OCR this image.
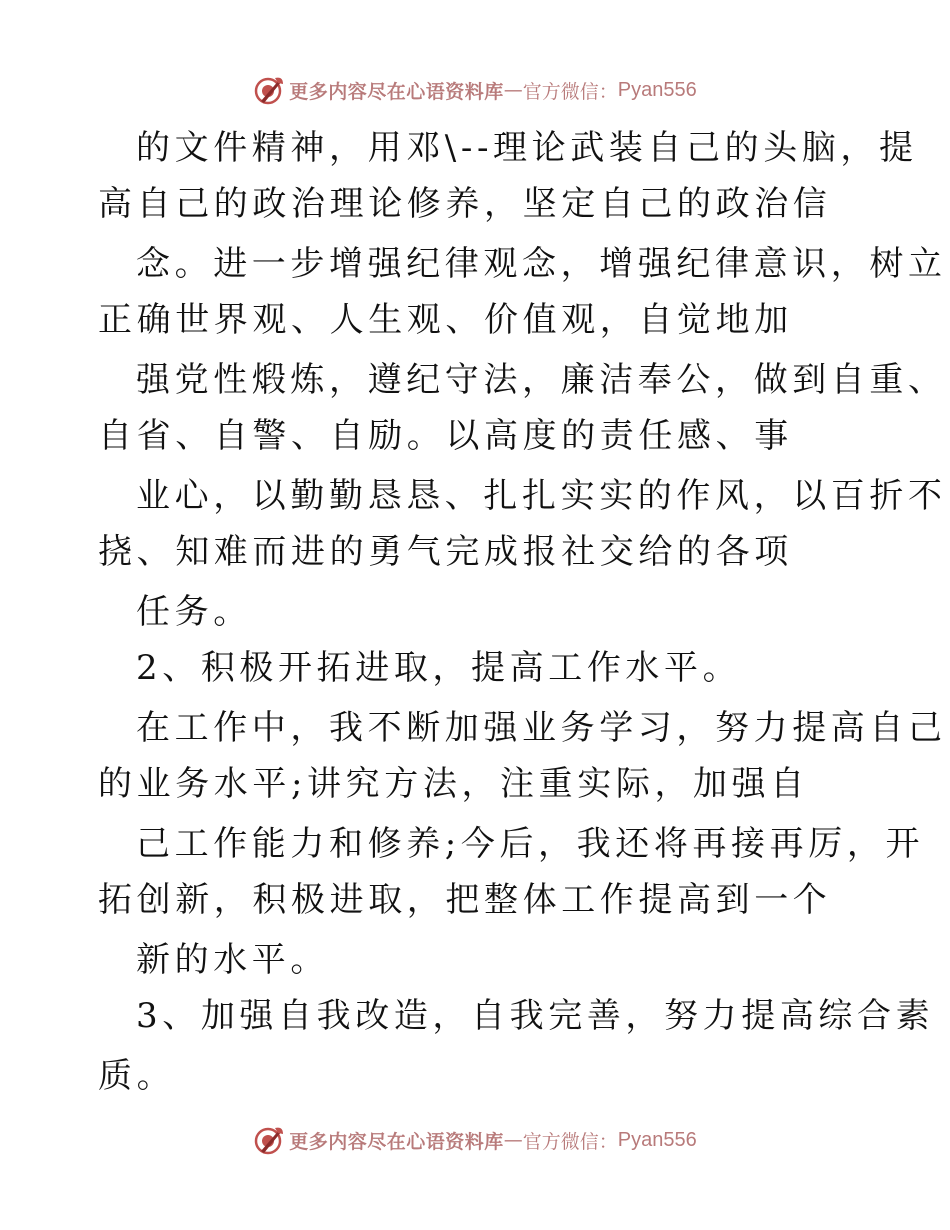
更多内容尽在心语资料库 — 官方微信： Pyan556
的文件精神，用邓\--理论武装自己的头脑，提
高自己的政治理论修养，坚定自己的政治信
念。进一步增强纪律观念，增强纪律意识，树立
正确世界观、人生观、价值观，自觉地加
强党性煅炼，遵纪守法，廉洁奉公，做到自重、
自省、自警、自励。以高度的责任感、事
业心，以勤勤恳恳、扎扎实实的作风，以百折不
挠、知难而进的勇气完成报社交给的各项
任务。
2、积极开拓进取，提高工作水平。
在工作中，我不断加强业务学习，努力提高自己
的业务水平;讲究方法，注重实际，加强自
己工作能力和修养;今后，我还将再接再厉，开
拓创新，积极进取，把整体工作提高到一个
新的水平。
3、加强自我改造，自我完善，努力提高综合素
质。
更多内容尽在心语资料库 — 官方微信： Pyan556
